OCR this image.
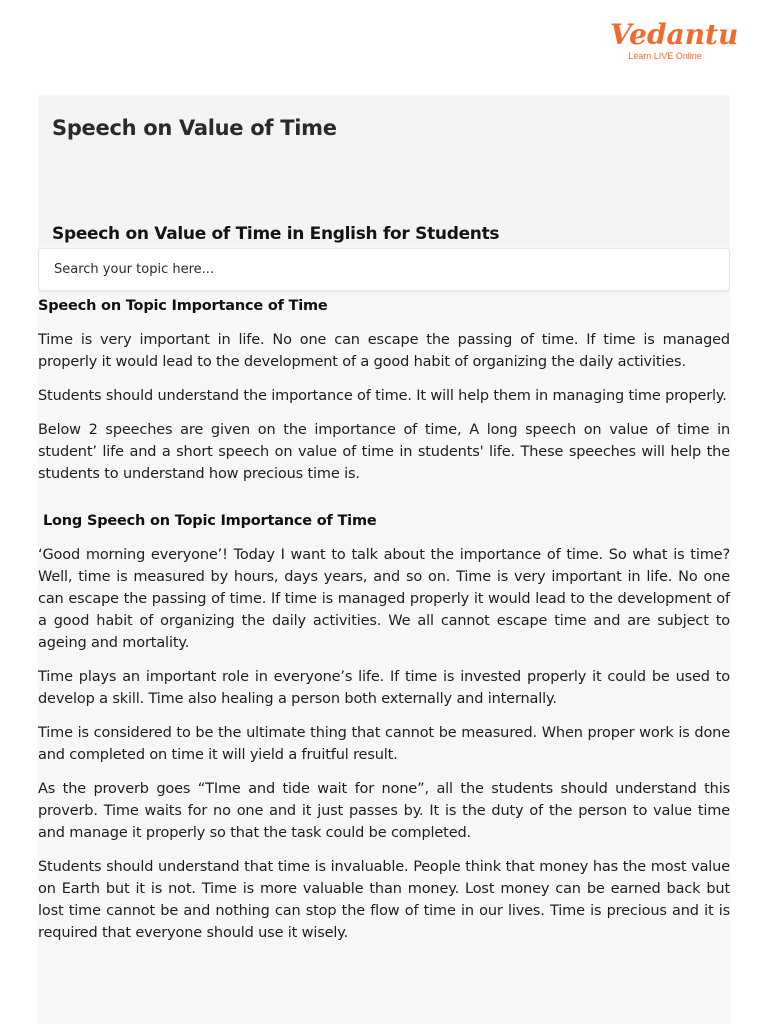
Vedantu
Learn LIVE Online
Speech on Value of Time
Speech on Value of Time in English for Students
Search your topic here...
Speech on Topic Importance of Time

Time is very important in life. No one can escape the passing of time. If time is managed properly it would lead to the development of a good habit of organizing the daily activities.

Students should understand the importance of time. It will help them in managing time properly.

Below 2 speeches are given on the importance of time, A long speech on value of time in student’ life and a short speech on value of time in students' life. These speeches will help the students to understand how precious time is.

Long Speech on Topic Importance of Time

‘Good morning everyone’! Today I want to talk about the importance of time. So what is time? Well, time is measured by hours, days years, and so on. Time is very important in life. No one can escape the passing of time. If time is managed properly it would lead to the development of a good habit of organizing the daily activities. We all cannot escape time and are subject to ageing and mortality.

Time plays an important role in everyone’s life. If time is invested properly it could be used to develop a skill. Time also healing a person both externally and internally.

Time is considered to be the ultimate thing that cannot be measured. When proper work is done and completed on time it will yield a fruitful result.

As the proverb goes “TIme and tide wait for none”, all the students should understand this proverb. Time waits for no one and it just passes by. It is the duty of the person to value time and manage it properly so that the task could be completed.

Students should understand that time is invaluable. People think that money has the most value on Earth but it is not. Time is more valuable than money. Lost money can be earned back but lost time cannot be and nothing can stop the flow of time in our lives. Time is precious and it is required that everyone should use it wisely.
